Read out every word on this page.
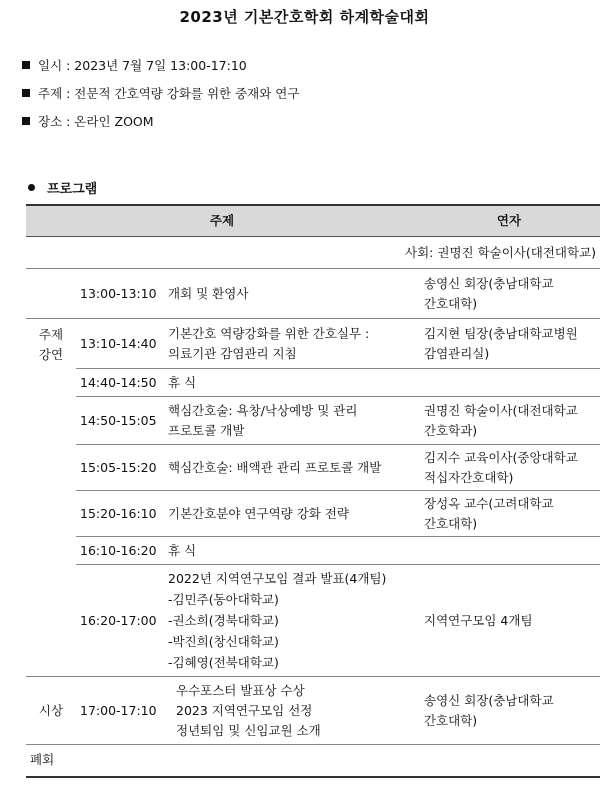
2023년 기본간호학회 하계학술대회
일시 : 2023년 7월 7일 13:00-17:10
주제 : 전문적 간호역량 강화를 위한 중재와 연구
장소 : 온라인 ZOOM
프로그램
주제			연자
사회: 권명진 학술이사(대전대학교)			
	13:00-13:10	개회 및 환영사	송영신 회장(충남대학교
간호대학)
주제
강연	13:10-14:40	기본간호 역량강화를 위한 간호실무 :
의료기관 감염관리 지침	김지현 팀장(충남대학교병원
감염관리실)
	14:40-14:50	휴 식	
	14:50-15:05	핵심간호술: 욕창/낙상예방 및 관리
프로토콜 개발	권명진 학술이사(대전대학교
간호학과)
	15:05-15:20	핵심간호술: 배액관 관리 프로토콜 개발	김지수 교육이사(중앙대학교
적십자간호대학)
	15:20-16:10	기본간호분야 연구역량 강화 전략	장성옥 교수(고려대학교
간호대학)
	16:10-16:20	휴 식	
	16:20-17:00	2022년 지역연구모임 결과 발표(4개팀)
-김민주(동아대학교)
-권소희(경북대학교)
-박진희(창신대학교)
-김혜영(전북대학교)	지역연구모임 4개팀
시상	17:00-17:10	우수포스터 발표상 수상
2023 지역연구모임 선정
정년퇴임 및 신임교원 소개	송영신 회장(충남대학교
간호대학)
폐회			
